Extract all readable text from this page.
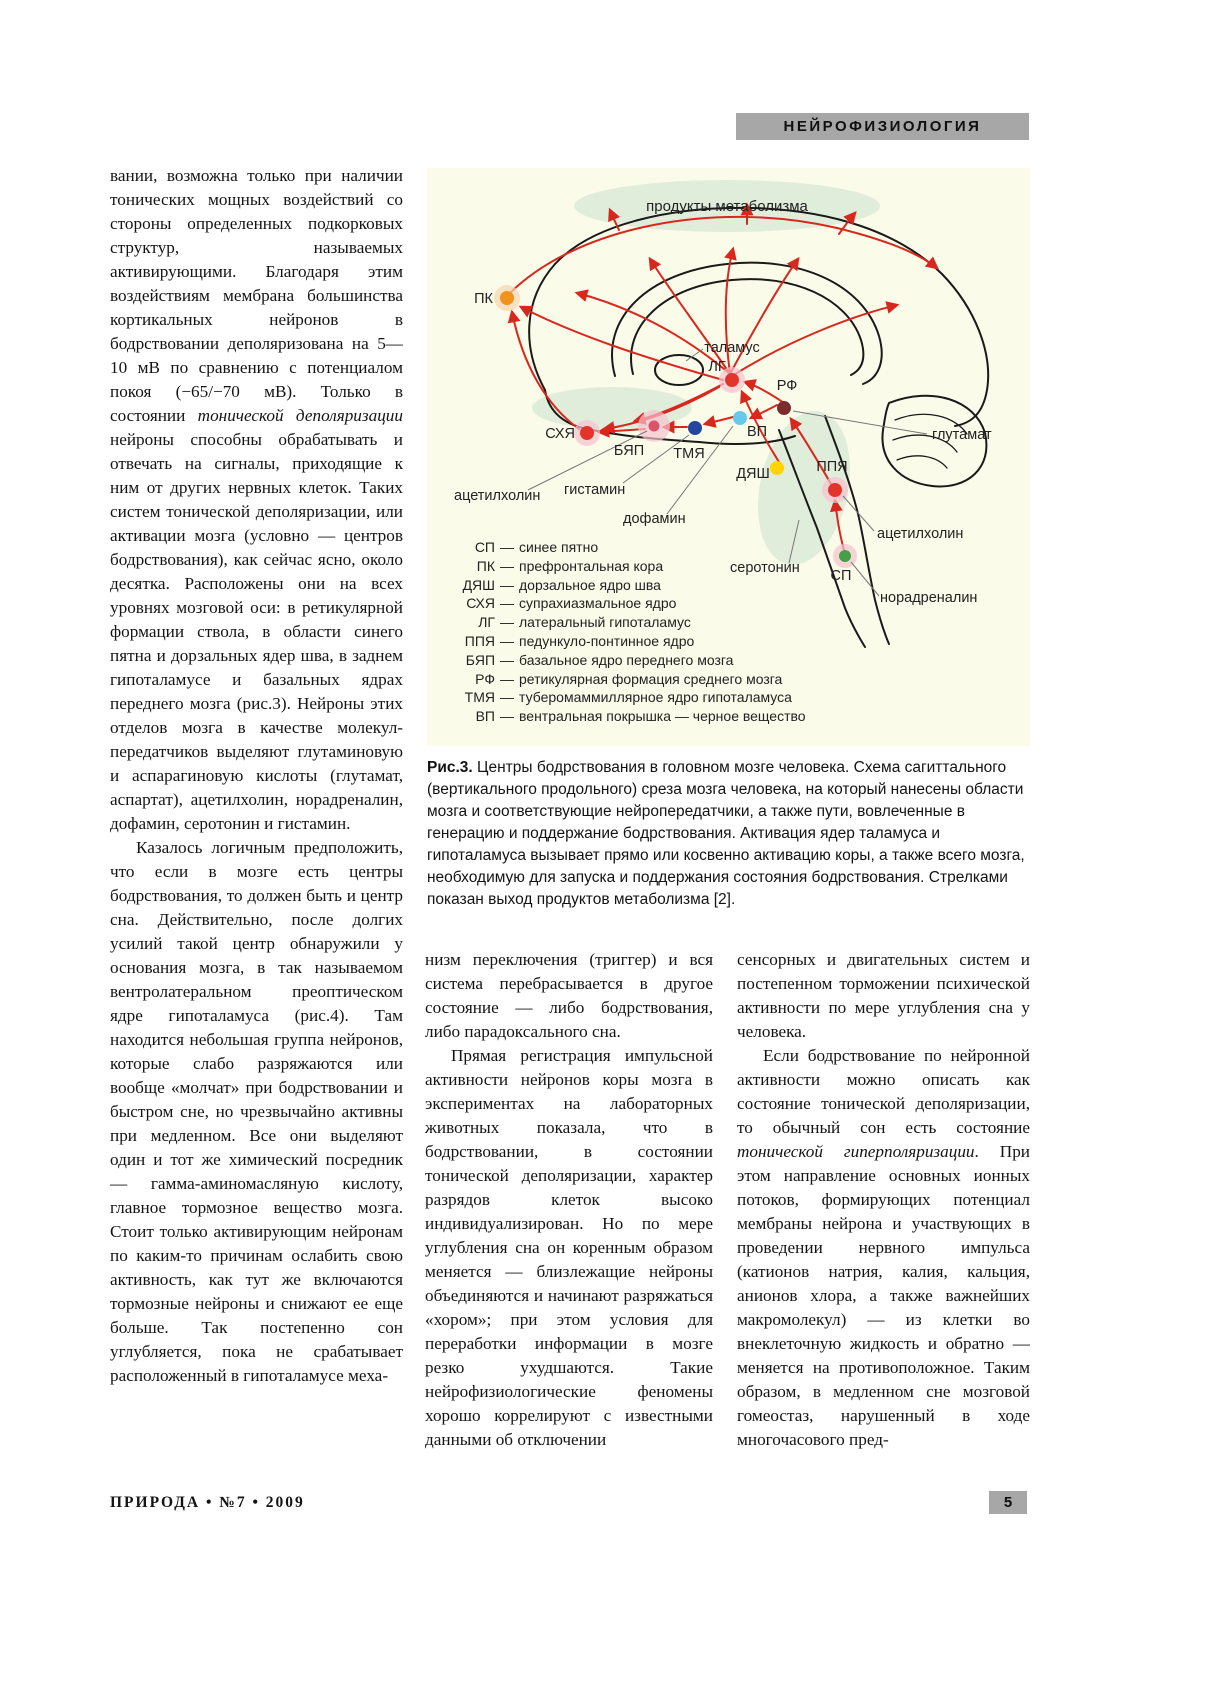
НЕЙРОФИЗИОЛОГИЯ

вании, возможна только при наличии тонических мощных воздействий со стороны определенных подкорковых структур, называемых активирующими. Благодаря этим воздействиям мембрана большинства кортикальных нейронов в бодрствовании деполяризована на 5—10 мВ по сравнению с потенциалом покоя (−65/−70 мВ). Только в состоянии тонической деполяризации нейроны способны обрабатывать и отвечать на сигналы, приходящие к ним от других нервных клеток. Таких систем тонической деполяризации, или активации мозга (условно — центров бодрствования), как сейчас ясно, около десятка. Расположены они на всех уровнях мозговой оси: в ретикулярной формации ствола, в области синего пятна и дорзальных ядер шва, в заднем гипоталамусе и базальных ядрах переднего мозга (рис.3). Нейроны этих отделов мозга в качестве молекул-передатчиков выделяют глутаминовую и аспарагиновую кислоты (глутамат, аспартат), ацетилхолин, норадреналин, дофамин, серотонин и гистамин.

Казалось логичным предположить, что если в мозге есть центры бодрствования, то должен быть и центр сна. Действительно, после долгих усилий такой центр обнаружили у основания мозга, в так называемом вентролатеральном преоптическом ядре гипоталамуса (рис.4). Там находится небольшая группа нейронов, которые слабо разряжаются или вообще «молчат» при бодрствовании и быстром сне, но чрезвычайно активны при медленном. Все они выделяют один и тот же химический посредник — гамма-аминомасляную кислоту, главное тормозное вещество мозга. Стоит только активирующим нейронам по каким-то причинам ослабить свою активность, как тут же включаются тормозные нейроны и снижают ее еще больше. Так постепенно сон углубляется, пока не срабатывает расположенный в гипоталамусе меха-

продукты метаболизма
ПК
таламус
ЛГ
РФ
СХЯ
БЯП ТМЯ
ВП
ДЯШ	ППЯ
глутамат
ацетилхолин гистамин
дофамин
ацетилхолин
серотонин СП
норадреналин
СП — синее пятно
ПК — префронтальная кора
ДЯШ — дорзальное ядро шва
СХЯ — супрахиазмальное ядро
ЛГ — латеральный гипоталамус
ППЯ — педункуло-понтинное ядро
БЯП — базальное ядро переднего мозга
РФ — ретикулярная формация среднего мозга
ТМЯ — туберомаммиллярное ядро гипоталамуса
ВП — вентральная покрышка — черное вещество
Рис.3. Центры бодрствования в головном мозге человека. Схема сагиттального (вертикального продольного) среза мозга человека, на который нанесены области мозга и соответствующие нейропередатчики, а также пути, вовлеченные в генерацию и поддержание бодрствования. Активация ядер таламуса и гипоталамуса вызывает прямо или косвенно активацию коры, а также всего мозга, необходимую для запуска и поддержания состояния бодрствования. Стрелками показан выход продуктов метаболизма [2].

низм переключения (триггер) и вся система перебрасывается в другое состояние — либо бодрствования, либо парадоксального сна.

Прямая регистрация импульсной активности нейронов коры мозга в экспериментах на лабораторных животных показала, что в бодрствовании, в состоянии тонической деполяризации, характер разрядов клеток высоко индивидуализирован. Но по мере углубления сна он коренным образом меняется — близлежащие нейроны объединяются и начинают разряжаться «хором»; при этом условия для переработки информации в мозге резко ухудшаются. Такие нейрофизиологические феномены хорошо коррелируют с известными данными об отключении

сенсорных и двигательных систем и постепенном торможении психической активности по мере углубления сна у человека.

Если бодрствование по нейронной активности можно описать как состояние тонической деполяризации, то обычный сон есть состояние тонической гиперполяризации. При этом направление основных ионных потоков, формирующих потенциал мембраны нейрона и участвующих в проведении нервного импульса (катионов натрия, калия, кальция, анионов хлора, а также важнейших макромолекул) — из клетки во внеклеточную жидкость и обратно — меняется на противоположное. Таким образом, в медленном сне мозговой гомеостаз, нарушенный в ходе многочасового пред-

ПРИРОДА • №7 • 2009	5
